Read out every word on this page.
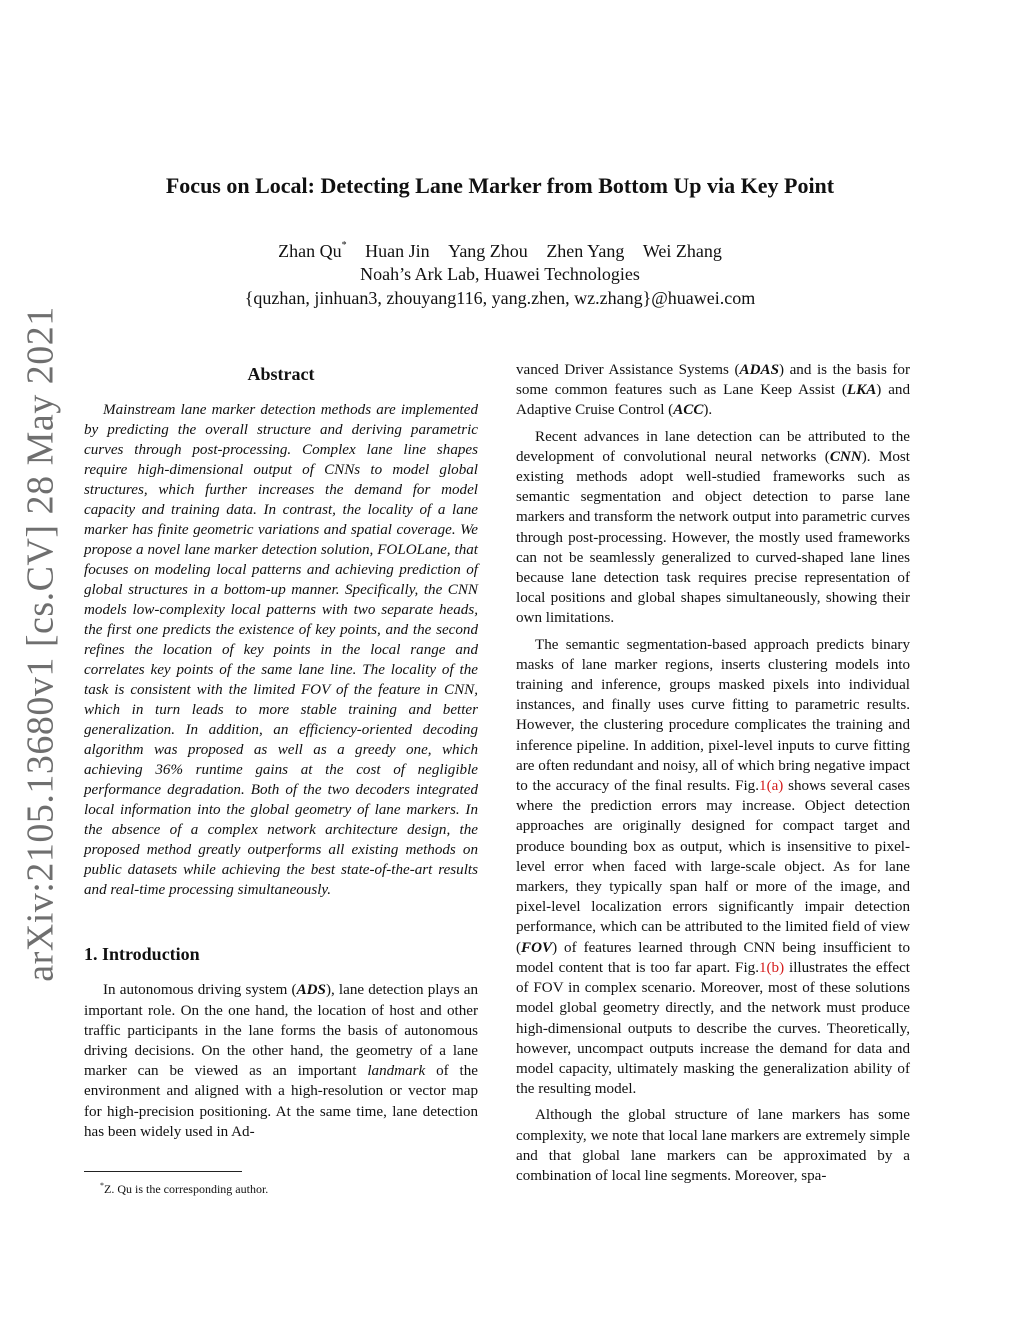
arXiv:2105.13680v1 [cs.CV] 28 May 2021
Focus on Local: Detecting Lane Marker from Bottom Up via Key Point
Zhan Qu* Huan Jin Yang Zhou Zhen Yang Wei Zhang
Noah’s Ark Lab, Huawei Technologies
{quzhan, jinhuan3, zhouyang116, yang.zhen, wz.zhang}@huawei.com
Abstract

Mainstream lane marker detection methods are implemented by predicting the overall structure and deriving parametric curves through post-processing. Complex lane line shapes require high-dimensional output of CNNs to model global structures, which further increases the demand for model capacity and training data. In contrast, the locality of a lane marker has finite geometric variations and spatial coverage. We propose a novel lane marker detection solution, FOLOLane, that focuses on modeling local patterns and achieving prediction of global structures in a bottom-up manner. Specifically, the CNN models low-complexity local patterns with two separate heads, the first one predicts the existence of key points, and the second refines the location of key points in the local range and correlates key points of the same lane line. The locality of the task is consistent with the limited FOV of the feature in CNN, which in turn leads to more stable training and better generalization. In addition, an efficiency-oriented decoding algorithm was proposed as well as a greedy one, which achieving 36% runtime gains at the cost of negligible performance degradation. Both of the two decoders integrated local information into the global geometry of lane markers. In the absence of a complex network architecture design, the proposed method greatly outperforms all existing methods on public datasets while achieving the best state-of-the-art results and real-time processing simultaneously.

1. Introduction

In autonomous driving system (ADS), lane detection plays an important role. On the one hand, the location of host and other traffic participants in the lane forms the basis of autonomous driving decisions. On the other hand, the geometry of a lane marker can be viewed as an important landmark of the environment and aligned with a high-resolution or vector map for high-precision positioning. At the same time, lane detection has been widely used in Ad-

vanced Driver Assistance Systems (ADAS) and is the basis for some common features such as Lane Keep Assist (LKA) and Adaptive Cruise Control (ACC).

Recent advances in lane detection can be attributed to the development of convolutional neural networks (CNN). Most existing methods adopt well-studied frameworks such as semantic segmentation and object detection to parse lane markers and transform the network output into parametric curves through post-processing. However, the mostly used frameworks can not be seamlessly generalized to curved-shaped lane lines because lane detection task requires precise representation of local positions and global shapes simultaneously, showing their own limitations.

The semantic segmentation-based approach predicts binary masks of lane marker regions, inserts clustering models into training and inference, groups masked pixels into individual instances, and finally uses curve fitting to parametric results. However, the clustering procedure complicates the training and inference pipeline. In addition, pixel-level inputs to curve fitting are often redundant and noisy, all of which bring negative impact to the accuracy of the final results. Fig.1(a) shows several cases where the prediction errors may increase. Object detection approaches are originally designed for compact target and produce bounding box as output, which is insensitive to pixel-level error when faced with large-scale object. As for lane markers, they typically span half or more of the image, and pixel-level localization errors significantly impair detection performance, which can be attributed to the limited field of view (FOV) of features learned through CNN being insufficient to model content that is too far apart. Fig.1(b) illustrates the effect of FOV in complex scenario. Moreover, most of these solutions model global geometry directly, and the network must produce high-dimensional outputs to describe the curves. Theoretically, however, uncompact outputs increase the demand for data and model capacity, ultimately masking the generalization ability of the resulting model.

Although the global structure of lane markers has some complexity, we note that local lane markers are extremely simple and that global lane markers can be approximated by a combination of local line segments. Moreover, spa-

*Z. Qu is the corresponding author.
